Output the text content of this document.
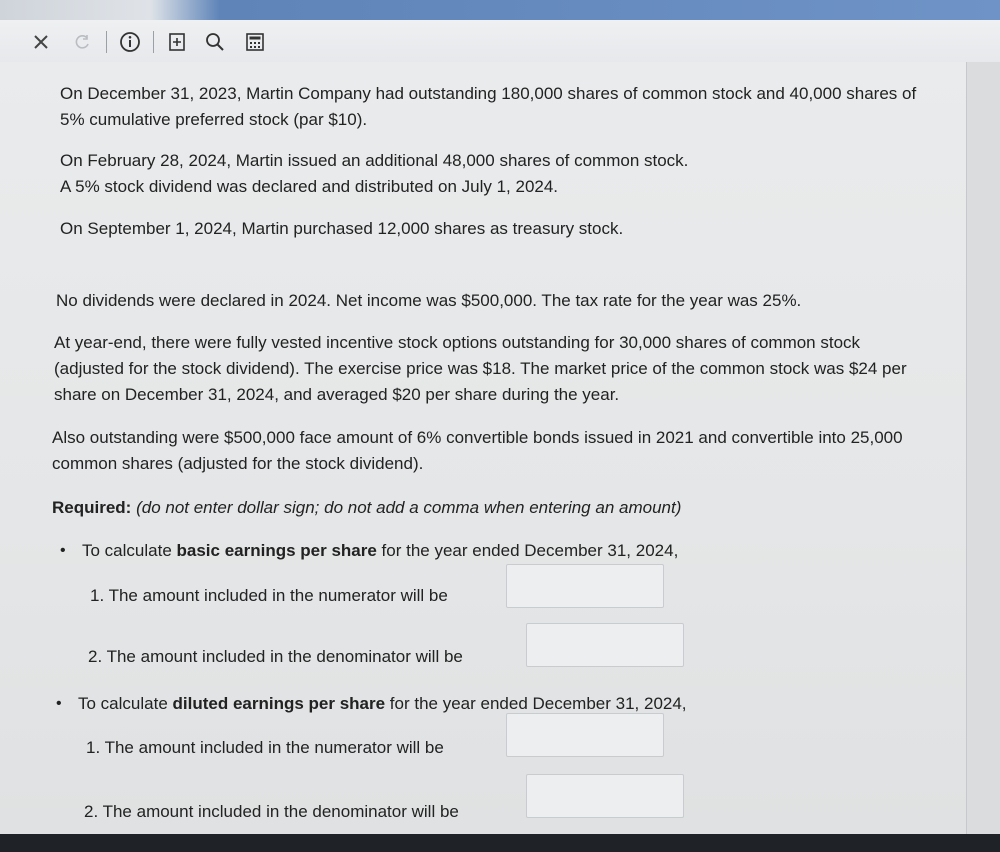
On December 31, 2023, Martin Company had outstanding 180,000 shares of common stock and 40,000 shares of 5% cumulative preferred stock (par $10).

On February 28, 2024, Martin issued an additional 48,000 shares of common stock.

A 5% stock dividend was declared and distributed on July 1, 2024.

On September 1, 2024, Martin purchased 12,000 shares as treasury stock.

No dividends were declared in 2024. Net income was $500,000. The tax rate for the year was 25%.

At year-end, there were fully vested incentive stock options outstanding for 30,000 shares of common stock (adjusted for the stock dividend). The exercise price was $18. The market price of the common stock was $24 per share on December 31, 2024, and averaged $20 per share during the year.

Also outstanding were $500,000 face amount of 6% convertible bonds issued in 2021 and convertible into 25,000 common shares (adjusted for the stock dividend).

Required: (do not enter dollar sign; do not add a comma when entering an amount)
• To calculate basic earnings per share for the year ended December 31, 2024,
1. The amount included in the numerator will be
2. The amount included in the denominator will be
• To calculate diluted earnings per share for the year ended December 31, 2024,
1. The amount included in the numerator will be
2. The amount included in the denominator will be
